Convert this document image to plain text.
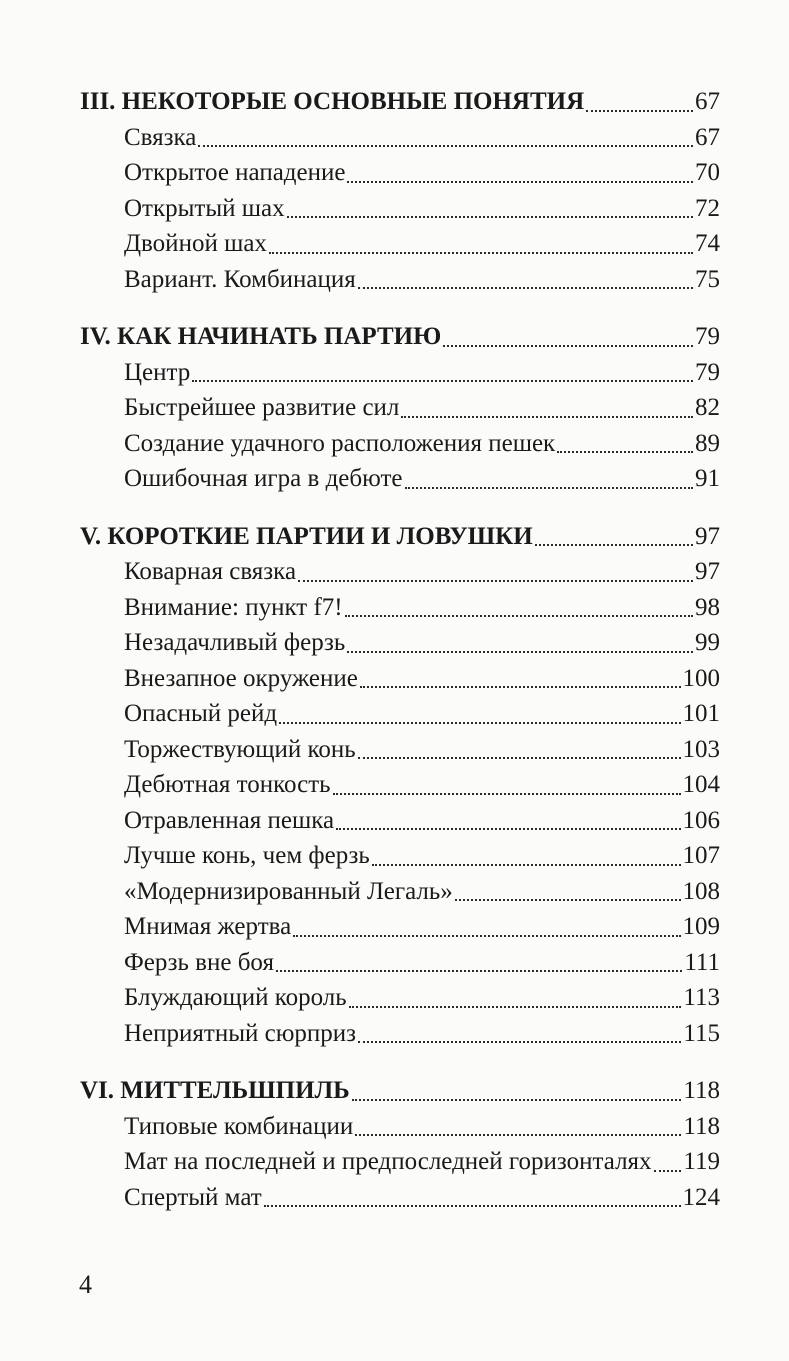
III. НЕКОТОРЫЕ ОСНОВНЫЕ ПОНЯТИЯ	67
Связка	67
Открытое нападение	70
Открытый шах	72
Двойной шах	74
Вариант. Комбинация	75
IV. КАК НАЧИНАТЬ ПАРТИЮ	79
Центр	79
Быстрейшее развитие сил	82
Создание удачного расположения пешек	89
Ошибочная игра в дебюте	91
V. КОРОТКИЕ ПАРТИИ И ЛОВУШКИ	97
Коварная связка	97
Внимание: пункт f7!	98
Незадачливый ферзь	99
Внезапное окружение	100
Опасный рейд	101
Торжествующий конь	103
Дебютная тонкость	104
Отравленная пешка	106
Лучше конь, чем ферзь	107
«Модернизированный Легаль»	108
Мнимая жертва	109
Ферзь вне боя	111
Блуждающий король	113
Неприятный сюрприз	115
VI. МИТТЕЛЬШПИЛЬ	118
Типовые комбинации	118
Мат на последней и предпоследней горизонталях 119
Спертый мат	124
4
